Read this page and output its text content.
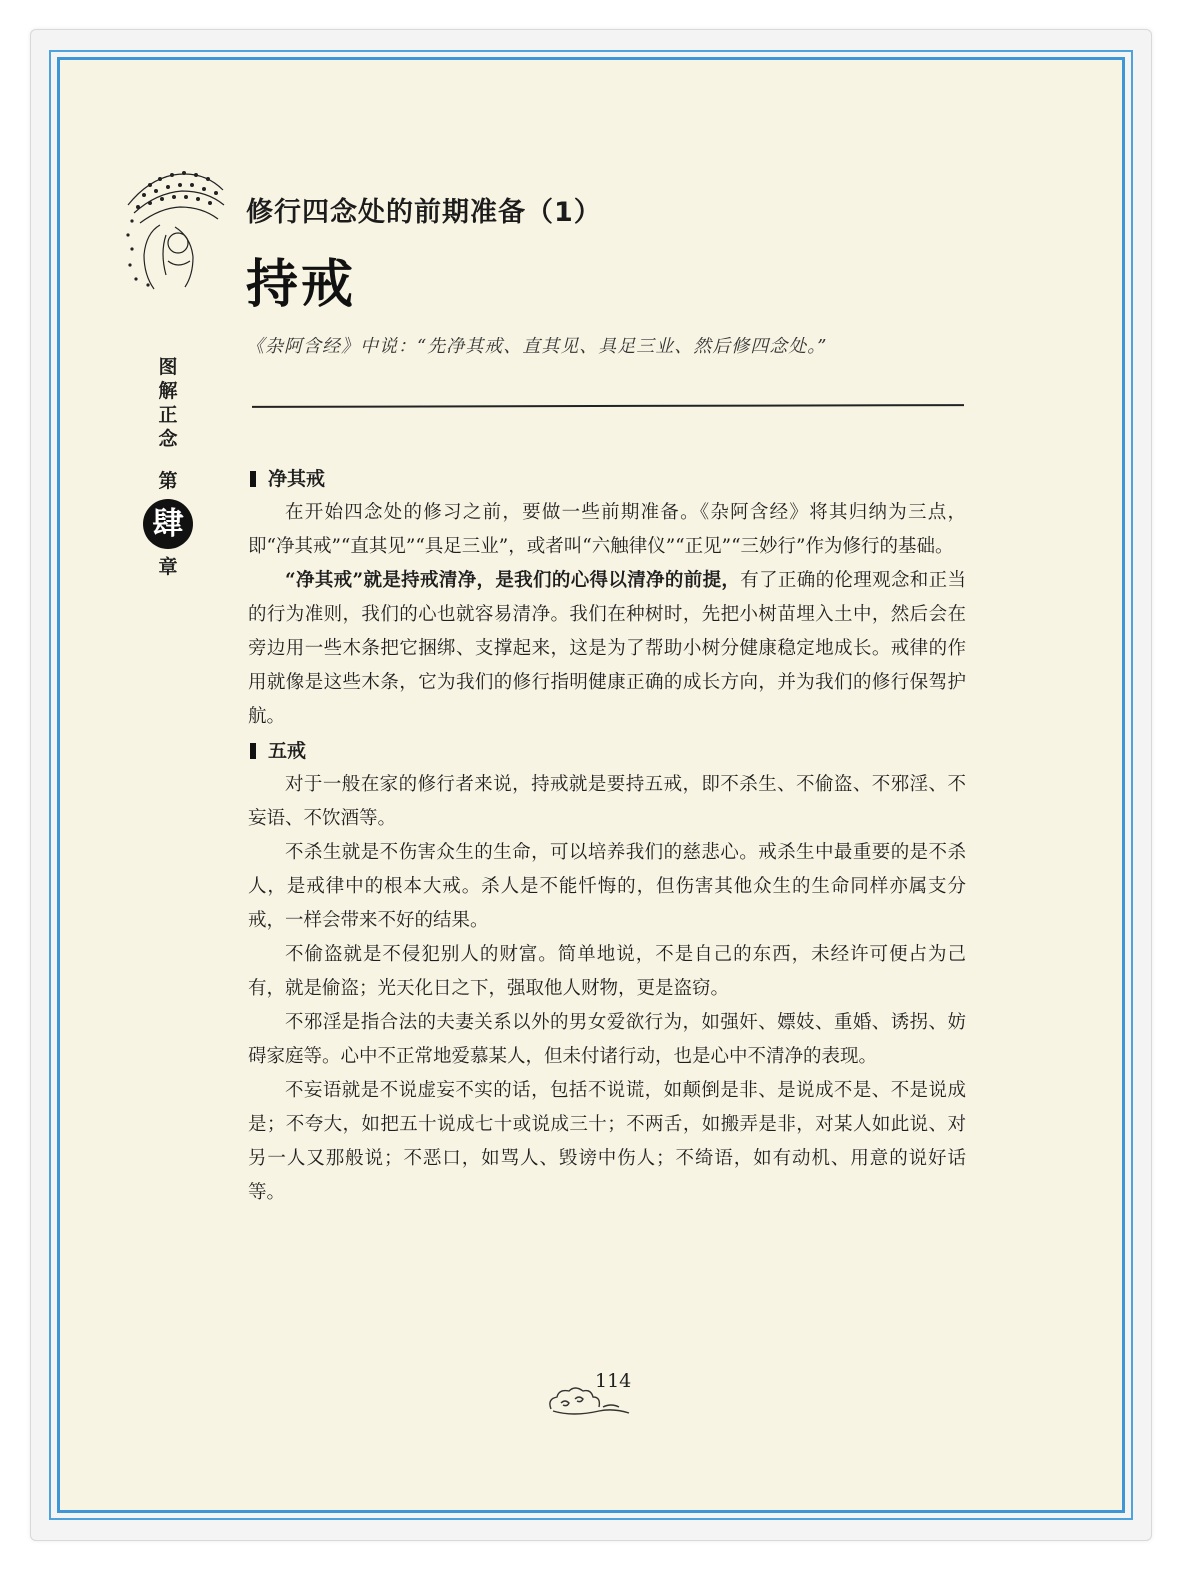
图解正念
第
肆
章
修行四念处的前期准备（1）
持戒
《杂阿含经》中说：“先净其戒、直其见、具足三业、然后修四念处。”
净其戒

在开始四念处的修习之前，要做一些前期准备。《杂阿含经》将其归纳为三点，即“净其戒”“直其见”“具足三业”，或者叫“六触律仪”“正见”“三妙行”作为修行的基础。

“净其戒”就是持戒清净，是我们的心得以清净的前提，有了正确的伦理观念和正当的行为准则，我们的心也就容易清净。我们在种树时，先把小树苗埋入土中，然后会在旁边用一些木条把它捆绑、支撑起来，这是为了帮助小树分健康稳定地成长。戒律的作用就像是这些木条，它为我们的修行指明健康正确的成长方向，并为我们的修行保驾护航。

五戒

对于一般在家的修行者来说，持戒就是要持五戒，即不杀生、不偷盗、不邪淫、不妄语、不饮酒等。

不杀生就是不伤害众生的生命，可以培养我们的慈悲心。戒杀生中最重要的是不杀人，是戒律中的根本大戒。杀人是不能忏悔的，但伤害其他众生的生命同样亦属支分戒，一样会带来不好的结果。

不偷盗就是不侵犯别人的财富。简单地说，不是自己的东西，未经许可便占为己有，就是偷盗；光天化日之下，强取他人财物，更是盗窃。

不邪淫是指合法的夫妻关系以外的男女爱欲行为，如强奸、嫖妓、重婚、诱拐、妨碍家庭等。心中不正常地爱慕某人，但未付诸行动，也是心中不清净的表现。

不妄语就是不说虚妄不实的话，包括不说谎，如颠倒是非、是说成不是、不是说成是；不夸大，如把五十说成七十或说成三十；不两舌，如搬弄是非，对某人如此说、对另一人又那般说；不恶口，如骂人、毁谤中伤人；不绮语，如有动机、用意的说好话等。

114
